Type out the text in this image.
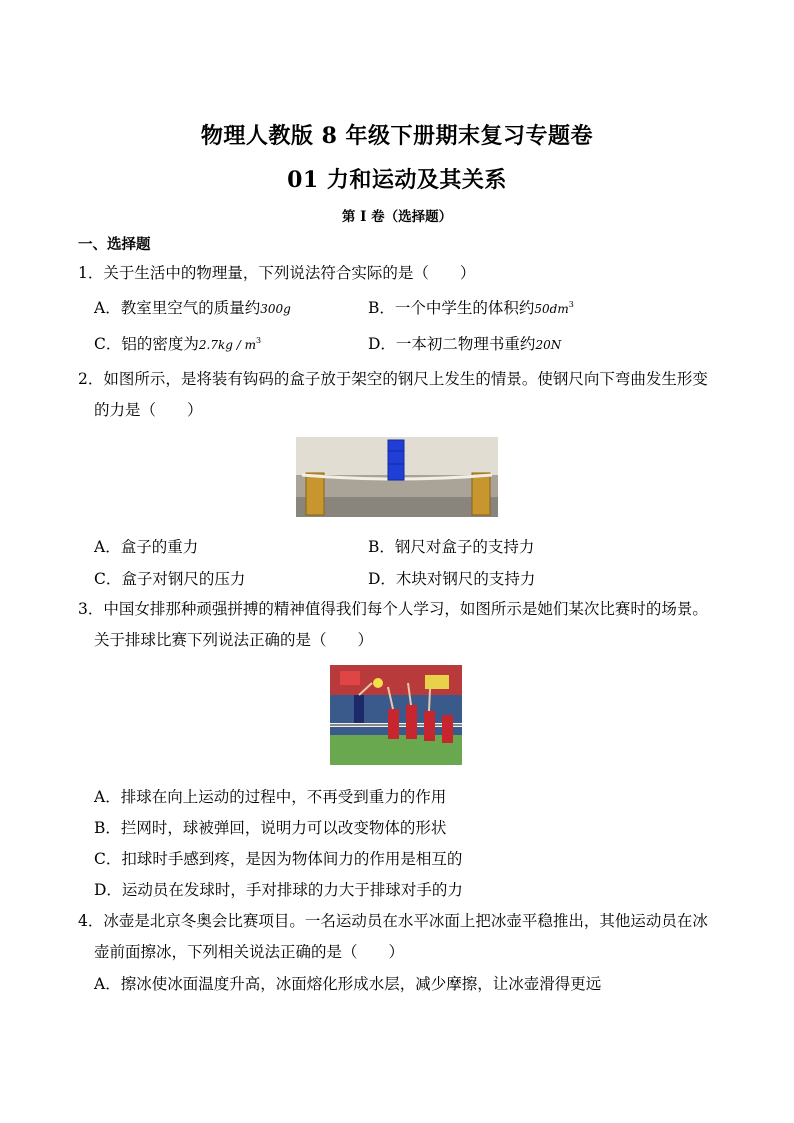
物理人教版 8 年级下册期末复习专题卷
01 力和运动及其关系
第 I 卷（选择题）
一、选择题
1．关于生活中的物理量，下列说法符合实际的是（　　）
A．教室里空气的质量约300g	B．一个中学生的体积约$50dm^3$
C．铝的密度为$2.7kg / m^3$	D．一本初二物理书重约20N
2．如图所示，是将装有钩码的盒子放于架空的钢尺上发生的情景。使钢尺向下弯曲发生形变
的力是（　　）
A．盒子的重力	B．钢尺对盒子的支持力
C．盒子对钢尺的压力	D．木块对钢尺的支持力
3．中国女排那种顽强拼搏的精神值得我们每个人学习，如图所示是她们某次比赛时的场景。
关于排球比赛下列说法正确的是（　　）
A．排球在向上运动的过程中，不再受到重力的作用
B．拦网时，球被弹回，说明力可以改变物体的形状
C．扣球时手感到疼，是因为物体间力的作用是相互的
D．运动员在发球时，手对排球的力大于排球对手的力
4．冰壶是北京冬奥会比赛项目。一名运动员在水平冰面上把冰壶平稳推出，其他运动员在冰
壶前面擦冰，下列相关说法正确的是（　　）
A．擦冰使冰面温度升高，冰面熔化形成水层，减少摩擦，让冰壶滑得更远
